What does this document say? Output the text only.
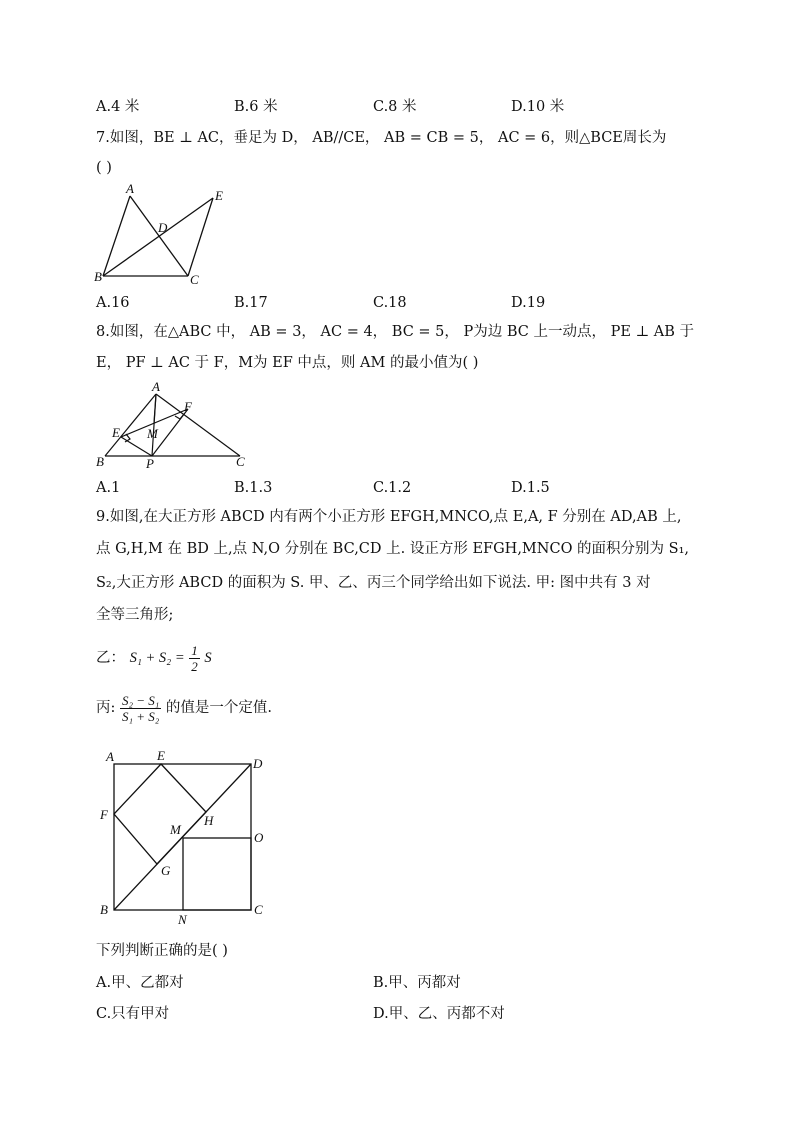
A.4 米	B.6 米	C.8 米	D.10 米
7.如图，BE ⊥ AC，垂足为 D， AB//CE， AB = CB = 5， AC = 6，则△BCE周长为
( )
A
B	C
D
E
A.16	B.17	C.18	D.19
8.如图，在△ABC 中， AB = 3， AC = 4， BC = 5， P为边 BC 上一动点， PE ⊥ AB 于
E， PF ⊥ AC 于 F，M为 EF 中点，则 AM 的最小值为( )
A
B	C
E
F
M
P
A.1	B.1.3	C.1.2	D.1.5
9.如图,在大正方形 ABCD 内有两个小正方形 EFGH,MNCO,点 E,A, F 分别在 AD,AB 上,
点 G,H,M 在 BD 上,点 N,O 分别在 BC,CD 上. 设正方形 EFGH,MNCO 的面积分别为 S₁,
S₂,大正方形 ABCD 的面积为 S. 甲、乙、丙三个同学给出如下说法. 甲: 图中共有 3 对
全等三角形;
乙： $S_1 + S_2 = \frac{1}{2}$ S
丙: $\frac{\text{S₂ − S₁}}{\text{S₁ + S₂}}$ 的值是一个定值.
A	E
D
F
M
H
O
G
B
N
C
下列判断正确的是( )
A.甲、乙都对	B.甲、丙都对
C.只有甲对	D.甲、乙、丙都不对
